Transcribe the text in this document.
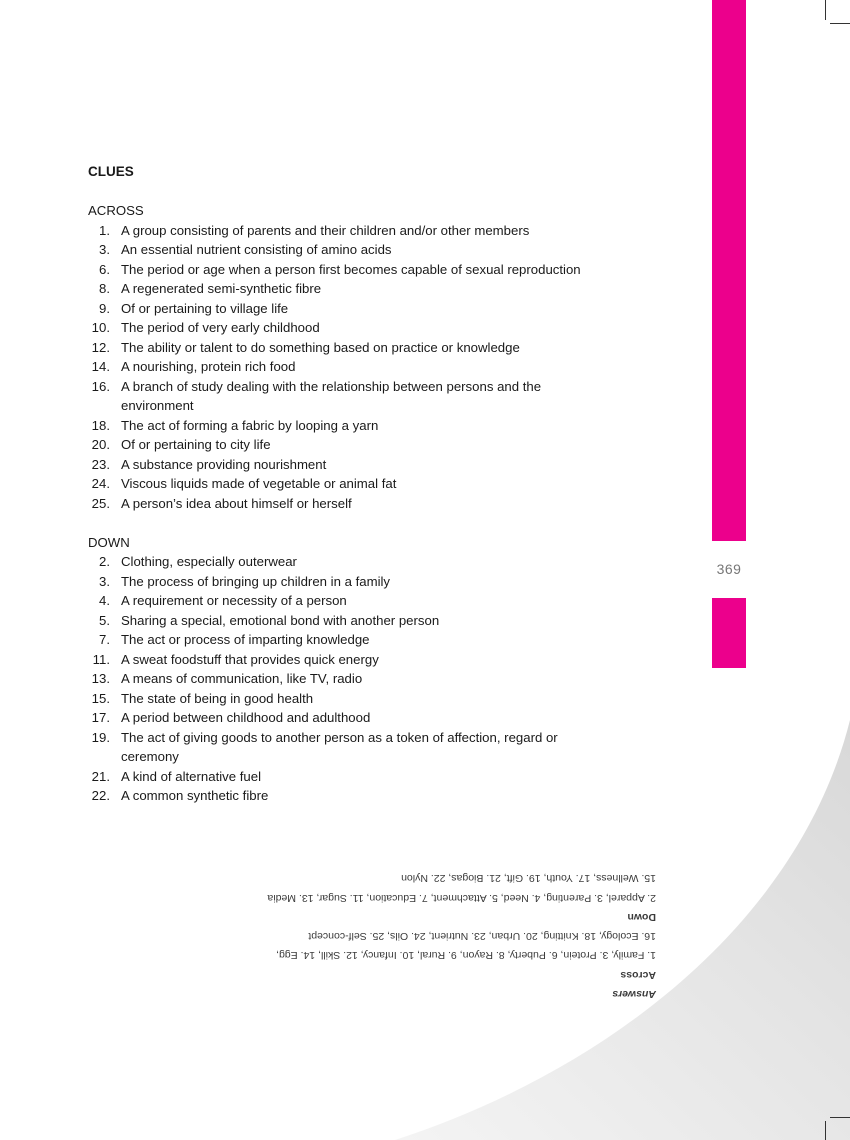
369
CLUES
ACROSS
1. A group consisting of parents and their children and/or other members
3. An essential nutrient consisting of amino acids
6. The period or age when a person first becomes capable of sexual reproduction
8. A regenerated semi-synthetic fibre
9. Of or pertaining to village life
10. The period of very early childhood
12. The ability or talent to do something based on practice or knowledge
14. A nourishing, protein rich food
16. A branch of study dealing with the relationship between persons and the environment
18. The act of forming a fabric by looping a yarn
20. Of or pertaining to city life
23. A substance providing nourishment
24. Viscous liquids made of vegetable or animal fat
25. A person’s idea about himself or herself
DOWN
2. Clothing, especially outerwear
3. The process of bringing up children in a family
4. A requirement or necessity of a person
5. Sharing a special, emotional bond with another person
7. The act or process of imparting knowledge
11. A sweat foodstuff that provides quick energy
13. A means of communication, like TV, radio
15. The state of being in good health
17. A period between childhood and adulthood
19. The act of giving goods to another person as a token of affection, regard or ceremony
21. A kind of alternative fuel
22. A common synthetic fibre
Answers
Across
1. Family, 3. Protein, 6. Puberty, 8. Rayon, 9. Rural, 10. Infancy, 12. Skill, 14. Egg,
16. Ecology, 18. Knitting, 20. Urban, 23. Nutrient, 24. Oils, 25. Self-concept
Down
2. Apparel, 3. Parenting, 4. Need, 5. Attachment, 7. Education, 11. Sugar, 13. Media
15. Wellness, 17. Youth, 19. Gift, 21. Biogas, 22. Nylon
